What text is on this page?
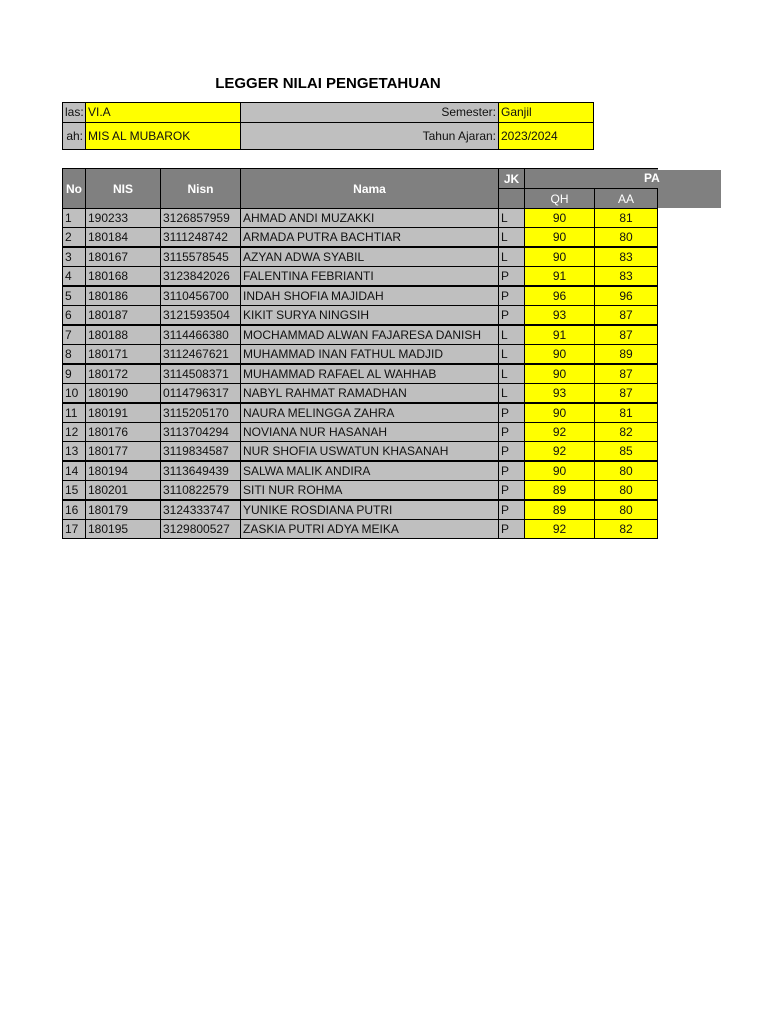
LEGGER NILAI PENGETAHUAN
las: VI.A	Semester: Ganjil
ah: MIS AL MUBAROK	Tahun Ajaran: 2023/2024
No	NIS	Nisn	Nama
JK	PA
QH	AA
1	190233	3126857959	AHMAD ANDI MUZAKKI	L	90	81
2	180184	3111248742	ARMADA PUTRA BACHTIAR	L	90	80
3	180167	3115578545	AZYAN ADWA SYABIL	L	90	83
4	180168	3123842026	FALENTINA FEBRIANTI	P	91	83
5	180186	3110456700	INDAH SHOFIA MAJIDAH	P	96	96
6	180187	3121593504	KIKIT SURYA NINGSIH	P	93	87
7	180188	3114466380	MOCHAMMAD ALWAN FAJARESA DANISH	L	91	87
8	180171	3112467621	MUHAMMAD INAN FATHUL MADJID	L	90	89
9	180172	3114508371	MUHAMMAD RAFAEL AL WAHHAB	L	90	87
10 180190	0114796317	NABYL RAHMAT RAMADHAN	L	93	87
11 180191	3115205170	NAURA MELINGGA ZAHRA	P	90	81
12 180176	3113704294	NOVIANA NUR HASANAH	P	92	82
13 180177	3119834587	NUR SHOFIA USWATUN KHASANAH	P	92	85
14 180194	3113649439	SALWA MALIK ANDIRA	P	90	80
15 180201	3110822579	SITI NUR ROHMA	P	89	80
16 180179	3124333747	YUNIKE ROSDIANA PUTRI	P	89	80
17 180195	3129800527	ZASKIA PUTRI ADYA MEIKA	P	92	82
